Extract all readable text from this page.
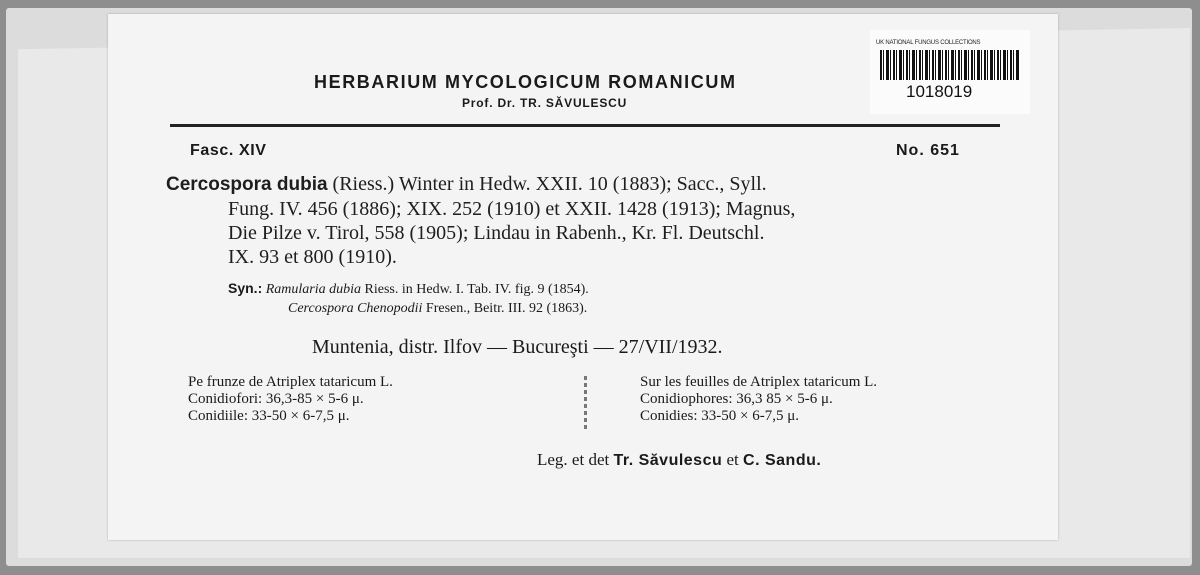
UK NATIONAL FUNGUS COLLECTIONS
1018019
HERBARIUM MYCOLOGICUM ROMANICUM
Prof. Dr. TR. SĂVULESCU
Fasc. XIV	No. 651
Cercospora dubia (Riess.) Winter in Hedw. XXII. 10 (1883); Sacc., Syll.
Fung. IV. 456 (1886); XIX. 252 (1910) et XXII. 1428 (1913); Magnus,
Die Pilze v. Tirol, 558 (1905); Lindau in Rabenh., Kr. Fl. Deutschl.
IX. 93 et 800 (1910).
Syn.: Ramularia dubia Riess. in Hedw. I. Tab. IV. fig. 9 (1854).
Cercospora Chenopodii Fresen., Beitr. III. 92 (1863).
Muntenia, distr. Ilfov — Bucureşti — 27/VII/1932.
Pe frunze de Atriplex tataricum L.
Conidiofori: 36,3-85 × 5-6 μ.
Conidiile: 33-50 × 6-7,5 μ.
Sur les feuilles de Atriplex tataricum L.
Conidiophores: 36,3 85 × 5-6 μ.
Conidies: 33-50 × 6-7,5 μ.
Leg. et det Tr. Săvulescu et C. Sandu.
